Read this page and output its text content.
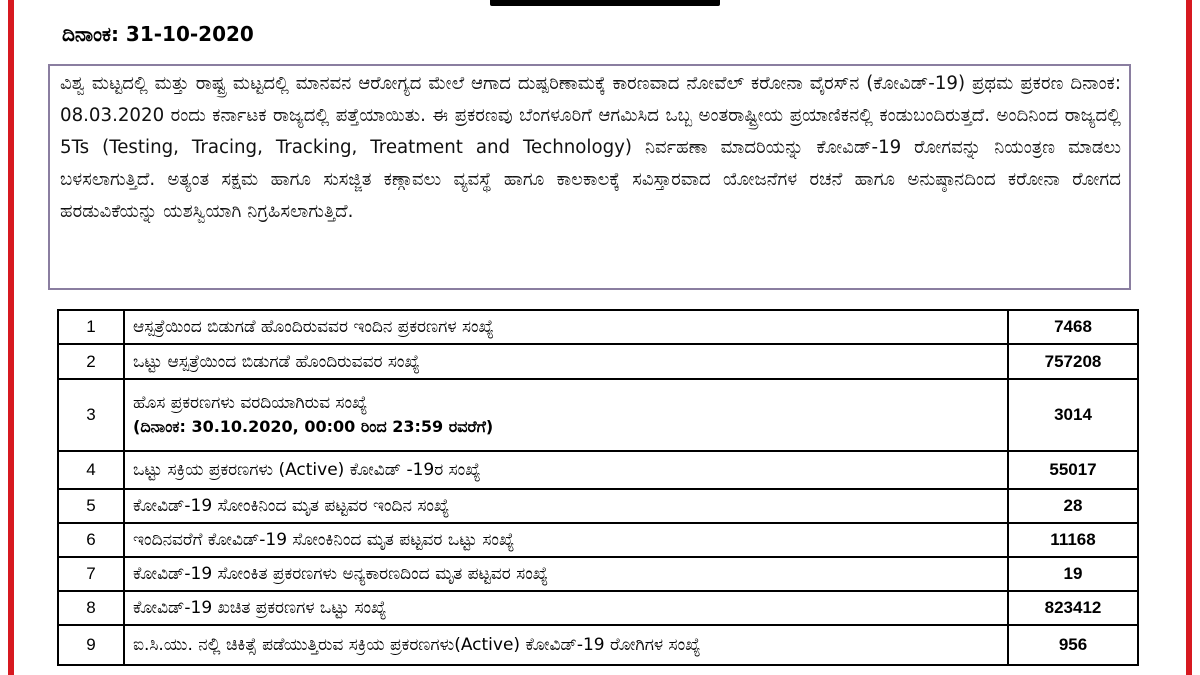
ದಿನಾಂಕ: 31-10-2020
ವಿಶ್ವ ಮಟ್ಟದಲ್ಲಿ ಮತ್ತು ರಾಷ್ಟ್ರ ಮಟ್ಟದಲ್ಲಿ ಮಾನವನ ಆರೋಗ್ಯದ ಮೇಲೆ ಆಗಾದ ದುಷ್ಪರಿಣಾಮಕ್ಕೆ ಕಾರಣವಾದ ನೋವೆಲ್ ಕರೋನಾ ವೈರಸ್‌ನ (ಕೋವಿಡ್-19) ಪ್ರಥಮ ಪ್ರಕರಣ ದಿನಾಂಕ: 08.03.2020 ರಂದು ಕರ್ನಾಟಕ ರಾಜ್ಯದಲ್ಲಿ ಪತ್ತೆಯಾಯಿತು. ಈ ಪ್ರಕರಣವು ಬೆಂಗಳೂರಿಗೆ ಆಗಮಿಸಿದ ಒಬ್ಬ ಅಂತರಾಷ್ಟ್ರೀಯ ಪ್ರಯಾಣಿಕನಲ್ಲಿ ಕಂಡುಬಂದಿರುತ್ತದೆ. ಅಂದಿನಿಂದ ರಾಜ್ಯದಲ್ಲಿ 5Ts (Testing, Tracing, Tracking, Treatment and Technology) ನಿರ್ವಹಣಾ ಮಾದರಿಯನ್ನು ಕೋವಿಡ್-19 ರೋಗವನ್ನು ನಿಯಂತ್ರಣ ಮಾಡಲು ಬಳಸಲಾಗುತ್ತಿದೆ. ಅತ್ಯಂತ ಸಕ್ಷಮ ಹಾಗೂ ಸುಸಜ್ಜಿತ ಕಣ್ಗಾವಲು ವ್ಯವಸ್ಥೆ ಹಾಗೂ ಕಾಲಕಾಲಕ್ಕೆ ಸವಿಸ್ತಾರವಾದ ಯೋಜನೆಗಳ ರಚನೆ ಹಾಗೂ ಅನುಷ್ಠಾನದಿಂದ ಕರೋನಾ ರೋಗದ ಹರಡುವಿಕೆಯನ್ನು ಯಶಸ್ವಿಯಾಗಿ ನಿಗ್ರಹಿಸಲಾಗುತ್ತಿದೆ.
1	ಆಸ್ಪತ್ರೆಯಿಂದ ಬಿಡುಗಡೆ ಹೊಂದಿರುವವರ ಇಂದಿನ ಪ್ರಕರಣಗಳ ಸಂಖ್ಯೆ	7468
2	ಒಟ್ಟು ಆಸ್ಪತ್ರೆಯಿಂದ ಬಿಡುಗಡೆ ಹೊಂದಿರುವವರ ಸಂಖ್ಯೆ	757208
3	ಹೊಸ ಪ್ರಕರಣಗಳು ವರದಿಯಾಗಿರುವ ಸಂಖ್ಯೆ
(ದಿನಾಂಕ: 30.10.2020, 00:00 ರಿಂದ 23:59 ರವರೆಗೆ)	3014
4	ಒಟ್ಟು ಸಕ್ರಿಯ ಪ್ರಕರಣಗಳು (Active) ಕೋವಿಡ್ -19ರ ಸಂಖ್ಯೆ	55017
5	ಕೋವಿಡ್-19 ಸೋಂಕಿನಿಂದ ಮೃತ ಪಟ್ಟವರ ಇಂದಿನ ಸಂಖ್ಯೆ	28
6	ಇಂದಿನವರೆಗೆ ಕೋವಿಡ್-19 ಸೋಂಕಿನಿಂದ ಮೃತ ಪಟ್ಟವರ ಒಟ್ಟು ಸಂಖ್ಯೆ	11168
7	ಕೋವಿಡ್-19 ಸೋಂಕಿತ ಪ್ರಕರಣಗಳು ಅನ್ಯಕಾರಣದಿಂದ ಮೃತ ಪಟ್ಟವರ ಸಂಖ್ಯೆ	19
8	ಕೋವಿಡ್-19 ಖಚಿತ ಪ್ರಕರಣಗಳ ಒಟ್ಟು ಸಂಖ್ಯೆ	823412
9	ಐ.ಸಿ.ಯು. ನಲ್ಲಿ ಚಿಕಿತ್ಸೆ ಪಡೆಯುತ್ತಿರುವ ಸಕ್ರಿಯ ಪ್ರಕರಣಗಳು(Active) ಕೋವಿಡ್-19 ರೋಗಿಗಳ ಸಂಖ್ಯೆ	956
